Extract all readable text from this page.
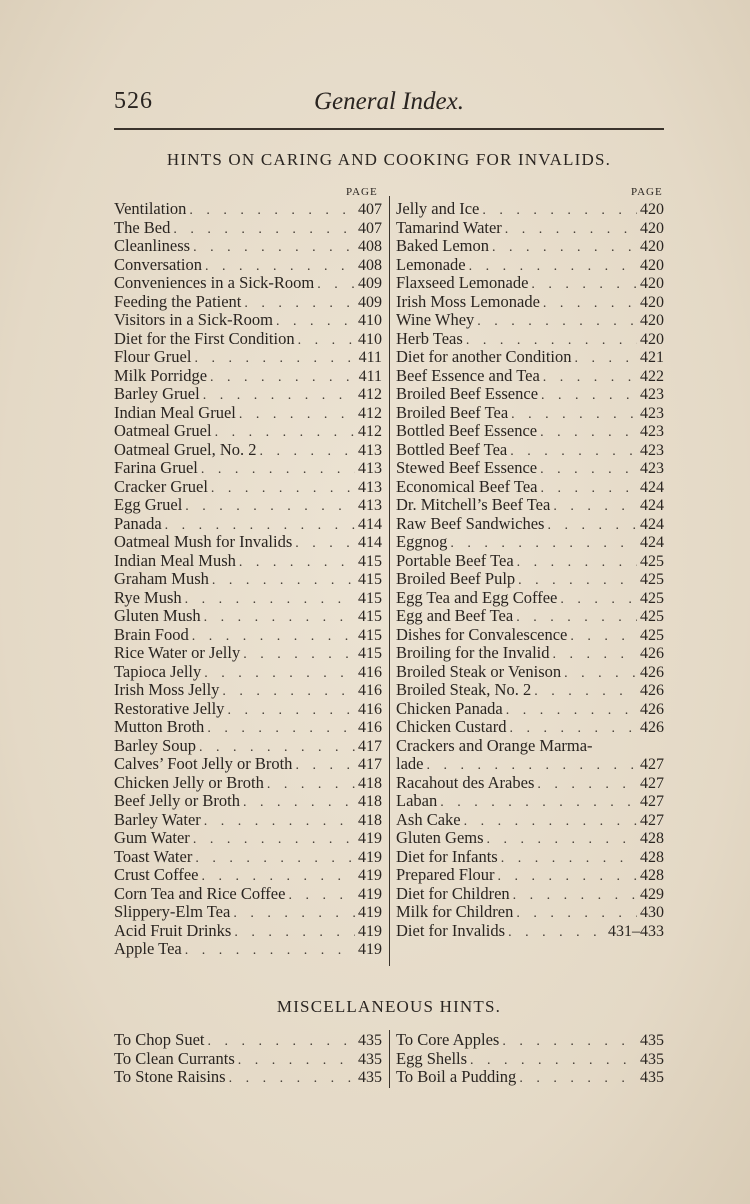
526	General Index.
HINTS ON CARING AND COOKING FOR INVALIDS.
PAGE	PAGE
Ventilation . . .	407
The Bed . . .	407
Cleanliness . . .	408
Conversation . . .	408
Conveniences in a Sick-Room . . .	409
Feeding the Patient . . .	409
Visitors in a Sick-Room . . .	410
Diet for the First Condition . . .	410
Flour Gruel . . .	411
Milk Porridge . . .	411
Barley Gruel . . .	412
Indian Meal Gruel . . .	412
Oatmeal Gruel . . .	412
Oatmeal Gruel, No. 2 . . .	413
Farina Gruel . . .	413
Cracker Gruel . . .	413
Egg Gruel . . .	413
Panada . . .	414
Oatmeal Mush for Invalids . . .	414
Indian Meal Mush . . .	415
Graham Mush . . .	415
Rye Mush . . .	415
Gluten Mush . . .	415
Brain Food . . .	415
Rice Water or Jelly . . .	415
Tapioca Jelly . . .	416
Irish Moss Jelly . . .	416
Restorative Jelly . . .	416
Mutton Broth . . .	416
Barley Soup . . .	417
Calves’ Foot Jelly or Broth . . .	417
Chicken Jelly or Broth . . .	418
Beef Jelly or Broth . . .	418
Barley Water . . .	418
Gum Water . . .	419
Toast Water . . .	419
Crust Coffee . . .	419
Corn Tea and Rice Coffee . . .	419
Slippery-Elm Tea . . .	419
Acid Fruit Drinks . . .	419
Apple Tea . . .	419
Jelly and Ice . . .	420
Tamarind Water . . .	420
Baked Lemon . . .	420
Lemonade . . .	420
Flaxseed Lemonade . . .	420
Irish Moss Lemonade . . .	420
Wine Whey . . .	420
Herb Teas . . .	420
Diet for another Condition . . .	421
Beef Essence and Tea . . .	422
Broiled Beef Essence . . .	423
Broiled Beef Tea . . .	423
Bottled Beef Essence . . .	423
Bottled Beef Tea . . .	423
Stewed Beef Essence . . .	423
Economical Beef Tea . . .	424
Dr. Mitchell’s Beef Tea . . .	424
Raw Beef Sandwiches . . .	424
Eggnog . . .	424
Portable Beef Tea . . .	425
Broiled Beef Pulp . . .	425
Egg Tea and Egg Coffee . . .	425
Egg and Beef Tea . . .	425
Dishes for Convalescence . . .	425
Broiling for the Invalid . . .	426
Broiled Steak or Venison . . .	426
Broiled Steak, No. 2 . . .	426
Chicken Panada . . .	426
Chicken Custard . . .	426
Crackers and Orange Marma-
lade . . .	427
Racahout des Arabes . . .	427
Laban . . .	427
Ash Cake . . .	427
Gluten Gems . . .	428
Diet for Infants . . .	428
Prepared Flour . . .	428
Diet for Children . . .	429
Milk for Children . . .	430
Diet for Invalids . . .	431–433
MISCELLANEOUS HINTS.
To Chop Suet . . .	435
To Clean Currants . . .	435
To Stone Raisins . . .	435
To Core Apples . . .	435
Egg Shells . . .	435
To Boil a Pudding . . .	435
